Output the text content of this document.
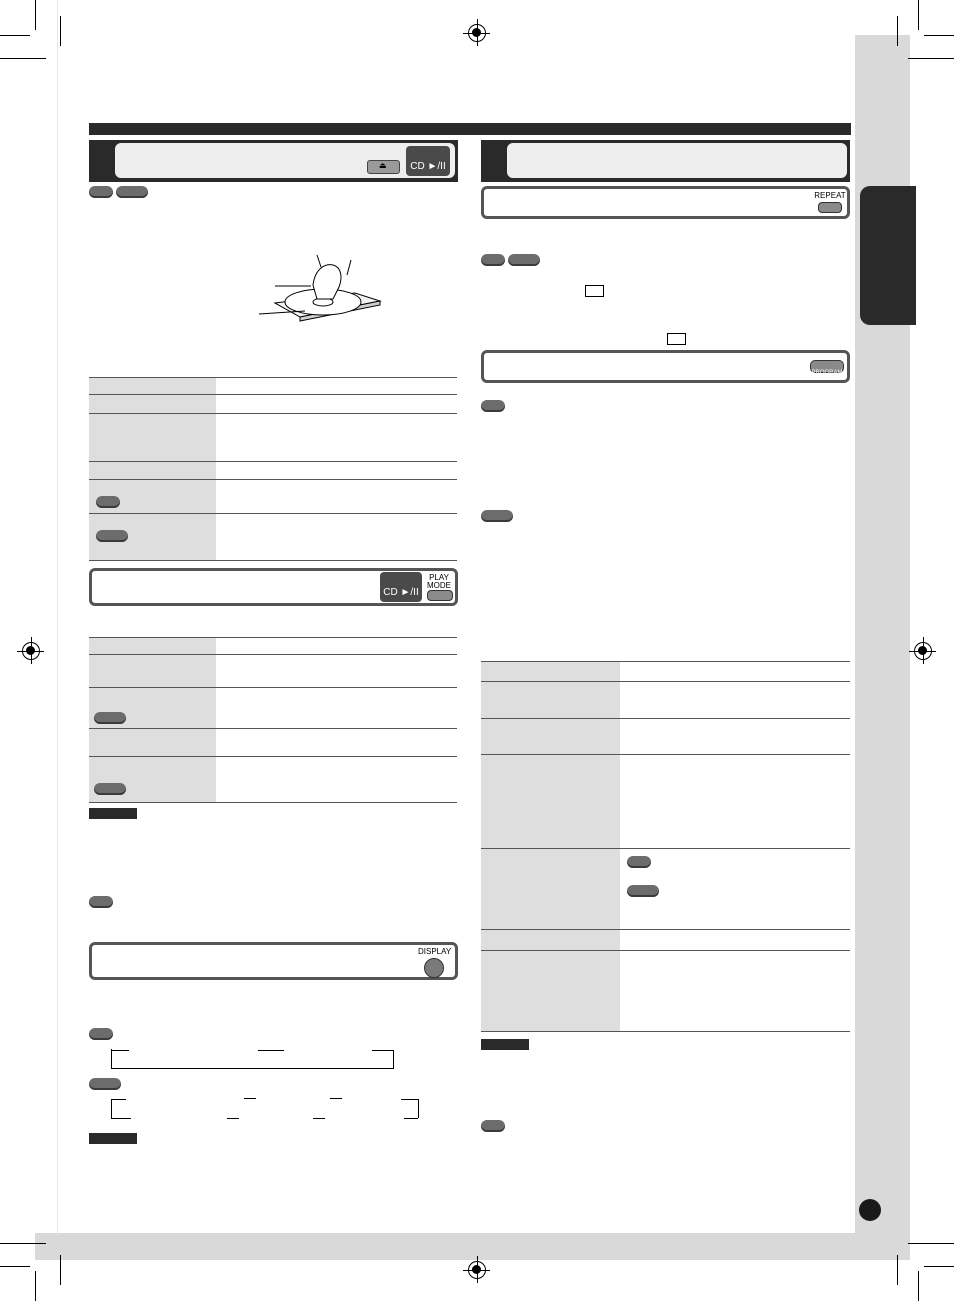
⏏ CD ►/II
CD ►/II
PLAY MODE
DISPLAY
REPEAT
PROGRAM
